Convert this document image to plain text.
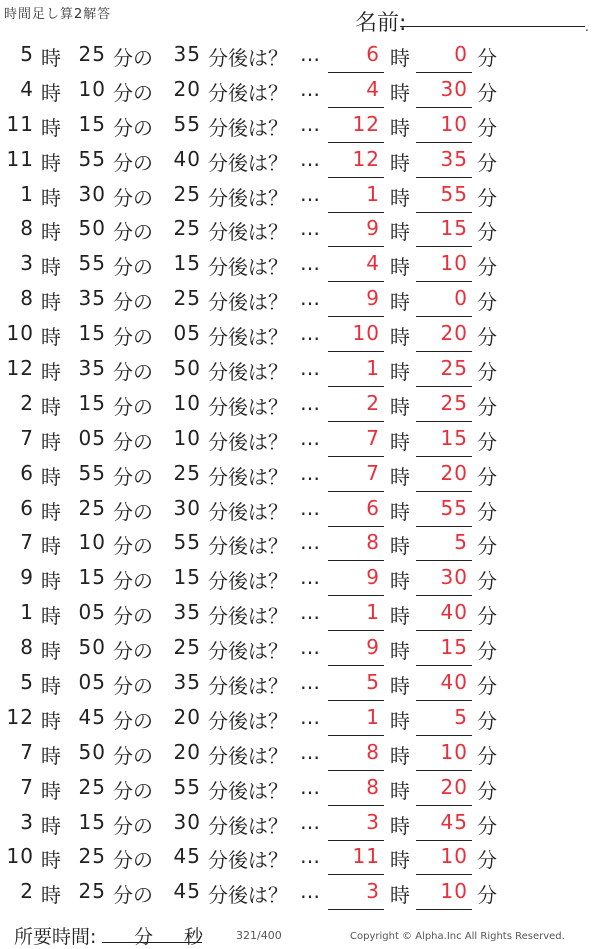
時間足し算2解答	名前:	.
5 時 25 分の	35 分後は？ …	6 時	0 分
4 時 10 分の	20 分後は？ …	4 時	30 分
11 時 15 分の	55 分後は？ …	12 時	10 分
11 時 55 分の	40 分後は？ …	12 時	35 分
1 時 30 分の	25 分後は？ …	1 時	55 分
8 時 50 分の	25 分後は？ …	9 時	15 分
3 時 55 分の	15 分後は？ …	4 時	10 分
8 時 35 分の	25 分後は？ …	9 時	0 分
10 時 15 分の	05 分後は？ …	10 時	20 分
12 時 35 分の	50 分後は？ …	1 時	25 分
2 時 15 分の	10 分後は？ …	2 時	25 分
7 時 05 分の	10 分後は？ …	7 時	15 分
6 時 55 分の	25 分後は？ …	7 時	20 分
6 時 25 分の	30 分後は？ …	6 時	55 分
7 時 10 分の	55 分後は？ …	8 時	5 分
9 時 15 分の	15 分後は？ …	9 時	30 分
1 時 05 分の	35 分後は？ …	1 時	40 分
8 時 50 分の	25 分後は？ …	9 時	15 分
5 時 05 分の	35 分後は？ …	5 時	40 分
12 時 45 分の	20 分後は？ …	1 時	5 分
7 時 50 分の	20 分後は？ …	8 時	10 分
7 時 25 分の	55 分後は？ …	8 時	20 分
3 時 15 分の	30 分後は？ …	3 時	45 分
10 時 25 分の	45 分後は？ …	11 時	10 分
2 時 25 分の	45 分後は？ …	3 時	10 分
所要時間: 分 秒	321/400	Copyright © Alpha.Inc All Rights Reserved.
